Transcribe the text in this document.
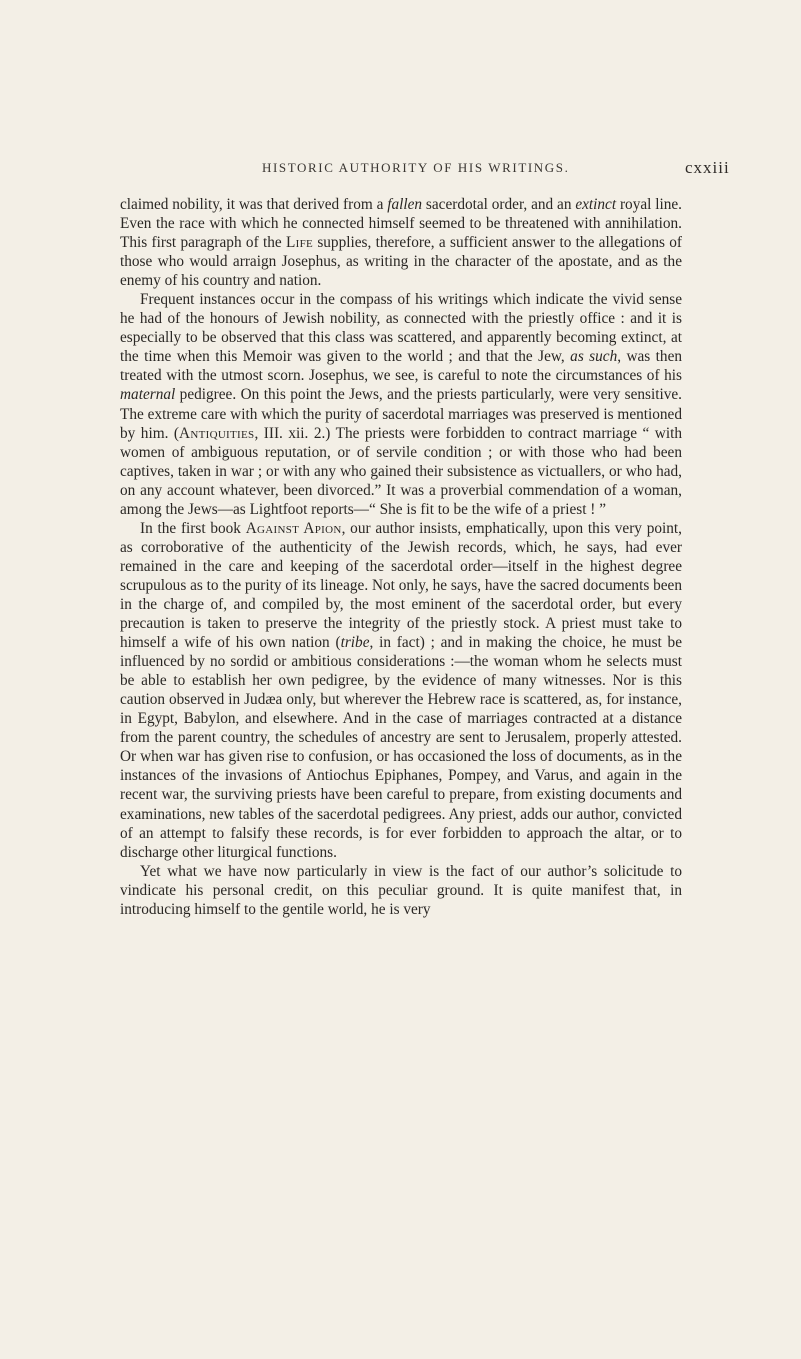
HISTORIC AUTHORITY OF HIS WRITINGS.	cxxiii

claimed nobility, it was that derived from a fallen sacerdotal order, and an extinct royal line. Even the race with which he connected himself seemed to be threatened with annihilation. This first paragraph of the Life supplies, therefore, a sufficient answer to the allegations of those who would arraign Josephus, as writing in the character of the apostate, and as the enemy of his country and nation.

Frequent instances occur in the compass of his writings which indicate the vivid sense he had of the honours of Jewish nobility, as connected with the priestly office : and it is especially to be observed that this class was scattered, and apparently becoming extinct, at the time when this Memoir was given to the world ; and that the Jew, as such, was then treated with the utmost scorn. Josephus, we see, is careful to note the circumstances of his maternal pedigree. On this point the Jews, and the priests particularly, were very sensitive. The extreme care with which the purity of sacerdotal marriages was preserved is mentioned by him. (Antiquities, III. xii. 2.) The priests were forbidden to contract marriage “ with women of ambiguous reputation, or of servile condition ; or with those who had been captives, taken in war ; or with any who gained their subsistence as victuallers, or who had, on any account whatever, been divorced.” It was a proverbial commendation of a woman, among the Jews—as Lightfoot reports—“ She is fit to be the wife of a priest ! ”

In the first book Against Apion, our author insists, emphatically, upon this very point, as corroborative of the authenticity of the Jewish records, which, he says, had ever remained in the care and keeping of the sacerdotal order—itself in the highest degree scrupulous as to the purity of its lineage. Not only, he says, have the sacred documents been in the charge of, and compiled by, the most eminent of the sacerdotal order, but every precaution is taken to preserve the integrity of the priestly stock. A priest must take to himself a wife of his own nation (tribe, in fact) ; and in making the choice, he must be influenced by no sordid or ambitious considerations :—the woman whom he selects must be able to establish her own pedigree, by the evidence of many witnesses. Nor is this caution observed in Judæa only, but wherever the Hebrew race is scattered, as, for instance, in Egypt, Babylon, and elsewhere. And in the case of marriages contracted at a distance from the parent country, the schedules of ancestry are sent to Jerusalem, properly attested. Or when war has given rise to confusion, or has occasioned the loss of documents, as in the instances of the invasions of Antiochus Epiphanes, Pompey, and Varus, and again in the recent war, the surviving priests have been careful to prepare, from existing documents and examinations, new tables of the sacerdotal pedigrees. Any priest, adds our author, convicted of an attempt to falsify these records, is for ever forbidden to approach the altar, or to discharge other liturgical functions.

Yet what we have now particularly in view is the fact of our author’s solicitude to vindicate his personal credit, on this peculiar ground. It is quite manifest that, in introducing himself to the gentile world, he is very
